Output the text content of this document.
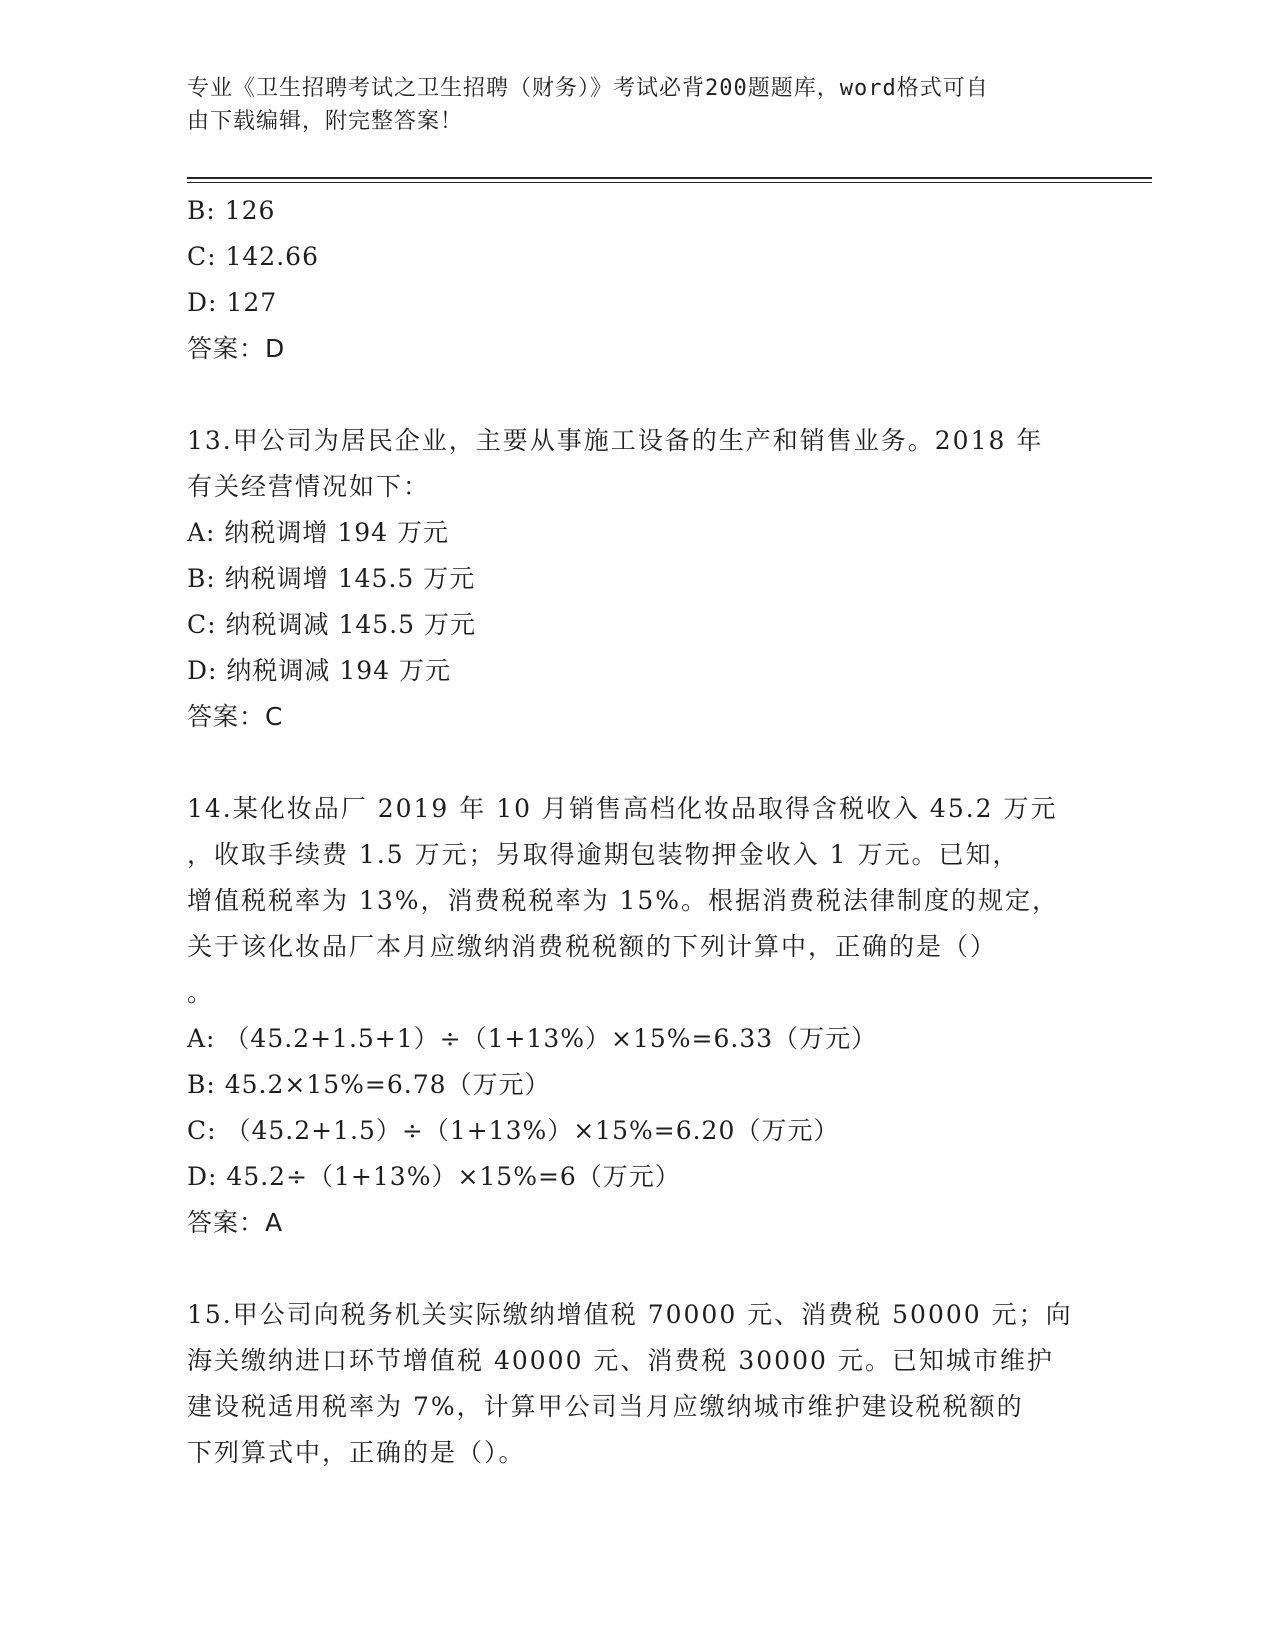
专业《卫生招聘考试之卫生招聘（财务）》考试必背200题题库，word格式可自
由下载编辑，附完整答案！
B: 126
C: 142.66
D: 127
答案：D
13.甲公司为居民企业，主要从事施工设备的生产和销售业务。2018 年
有关经营情况如下：
A: 纳税调增 194 万元
B: 纳税调增 145.5 万元
C: 纳税调减 145.5 万元
D: 纳税调减 194 万元
答案：C
14.某化妆品厂 2019 年 10 月销售高档化妆品取得含税收入 45.2 万元
，收取手续费 1.5 万元；另取得逾期包装物押金收入 1 万元。已知，
增值税税率为 13%，消费税税率为 15%。根据消费税法律制度的规定，
关于该化妆品厂本月应缴纳消费税税额的下列计算中，正确的是（）
。
A: （45.2+1.5+1）÷（1+13%）×15%=6.33（万元）
B: 45.2×15%=6.78（万元）
C: （45.2+1.5）÷（1+13%）×15%=6.20（万元）
D: 45.2÷（1+13%）×15%=6（万元）
答案：A
15.甲公司向税务机关实际缴纳增值税 70000 元、消费税 50000 元；向
海关缴纳进口环节增值税 40000 元、消费税 30000 元。已知城市维护
建设税适用税率为 7%，计算甲公司当月应缴纳城市维护建设税税额的
下列算式中，正确的是（）。
